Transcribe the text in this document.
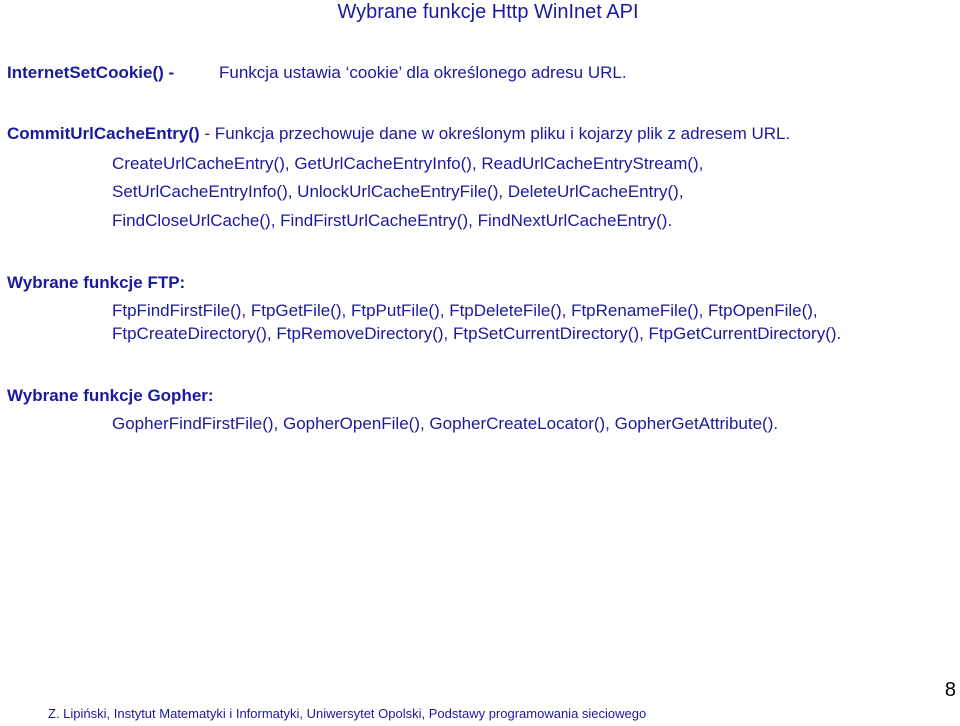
Wybrane funkcje Http WinInet API
InternetSetCookie() -	Funkcja ustawia ‘cookie’ dla określonego adresu URL.
CommitUrlCacheEntry() - Funkcja przechowuje dane w określonym pliku i kojarzy plik z adresem URL.
CreateUrlCacheEntry(), GetUrlCacheEntryInfo(), ReadUrlCacheEntryStream(),
SetUrlCacheEntryInfo(), UnlockUrlCacheEntryFile(), DeleteUrlCacheEntry(),
FindCloseUrlCache(), FindFirstUrlCacheEntry(), FindNextUrlCacheEntry().
Wybrane funkcje FTP:
FtpFindFirstFile(), FtpGetFile(), FtpPutFile(), FtpDeleteFile(), FtpRenameFile(), FtpOpenFile(),
FtpCreateDirectory(), FtpRemoveDirectory(), FtpSetCurrentDirectory(), FtpGetCurrentDirectory().
Wybrane funkcje Gopher:
GopherFindFirstFile(), GopherOpenFile(), GopherCreateLocator(), GopherGetAttribute().
8
Z. Lipiński, Instytut Matematyki i Informatyki, Uniwersytet Opolski, Podstawy programowania sieciowego
